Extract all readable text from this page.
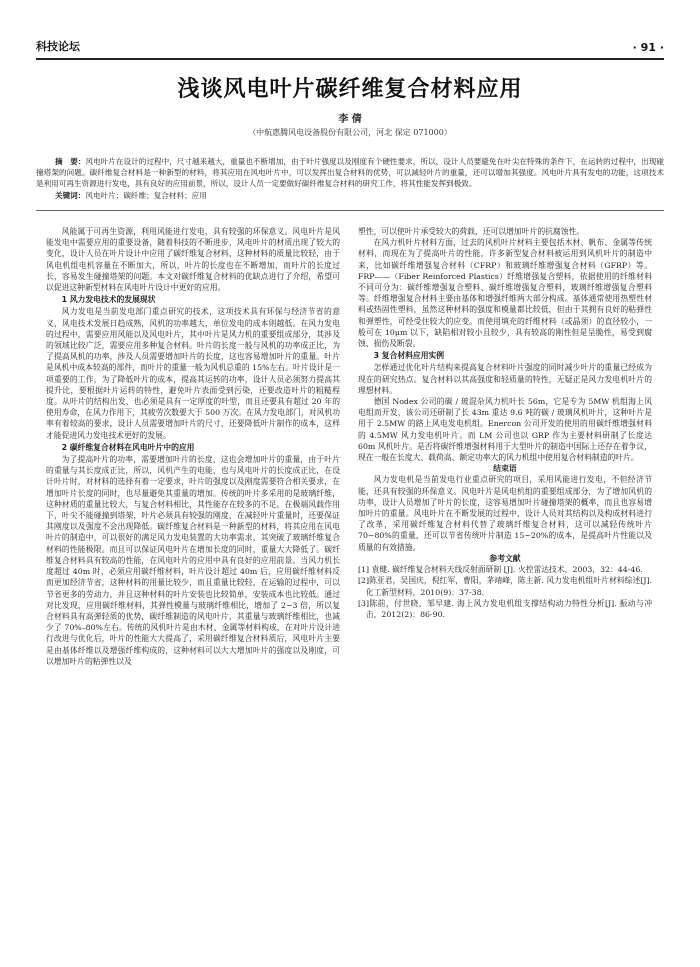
科技论坛	· 91 ·
浅谈风电叶片碳纤维复合材料应用
李 倩
（中航惠腾风电设备股份有限公司，河北 保定 071000）

摘　要：风电叶片在设计的过程中，尺寸越来越大，重量也不断增加，由于叶片强度以及刚度有个硬性要求，所以，设计人员要避免在叶尖在特殊的条件下，在运转的过程中，出现碰撞塔架的问题。碳纤维复合材料是一种新型的材料，将其应用在风电叶片中，可以发挥出复合材料的优势，可以减轻叶片的重量，还可以增加其强度。风电叶片具有发电的功能，这项技术是利用可再生资源进行发电，具有良好的应用前景，所以，设计人员一定要做好碳纤维复合材料的研究工作，将其性能发挥到极致。

关键词：风电叶片；碳纤维；复合材料；应用

风能属于可再生资源，利用风能进行发电，具有较强的环保意义。风电叶片是风能发电中需要应用的重要设备，随着科技的不断进步，风电叶片的材质出现了较大的变化，设计人员在叶片设计中应用了碳纤维复合材料，这种材料的质量比较轻，由于风电机组电机容量在不断加大，所以，叶片的长度也在不断增加，而叶片的长度过长，容易发生碰撞塔架的问题。本文对碳纤维复合材料的优缺点进行了介绍，希望可以促进这种新型材料在风电叶片设计中更好的应用。

1 风力发电技术的发展现状

风力发电是当前发电部门重点研究的技术，这项技术具有环保与经济节省的意义，风电技术发展日趋成熟，风机的功率越大，单位发电的成本则越低。在风力发电的过程中，需要应用风能以及风电叶片，其中叶片是风力机的重要组成部分，其涉及的领域比较广泛，需要应用多种复合材料。叶片的长度一般与风机的功率成正比，为了提高风机的功率，涉及人员需要增加叶片的长度，这也容易增加叶片的重量。叶片是风机中成本较高的部件，而叶片的重量一般为风机总重的 15%左右。叶片设计是一项重要的工作，为了降低叶片的成本，提高其运转的功率，设计人员必须努力提高其提升比，要根据叶片运转的特性，避免叶片表面受到污染，还要改造叶片的粗糙程度。从叶片的结构出发，也必须是具有一定厚度的叶型，而且还要具有超过 20 年的使用寿命，在风力作用下，其疲劳次数要大于 500 万次。在风力发电部门，对风机功率有着较高的要求，设计人员需要增加叶片的尺寸，还要降低叶片制作的成本，这样才能促进风力发电技术更好的发展。

2 碳纤维复合材料在风电叶片中的应用

为了提高叶片的功率，需要增加叶片的长度，这也会增加叶片的重量，由于叶片的重量与其长度成正比，所以，风机产生的电能，也与风电叶片的长度成正比，在设计叶片时，对材料的选择有着一定要求，叶片的强度以及刚度需要符合相关要求，在增加叶片长度的同时，也尽量避免其重量的增加。传统的叶片多采用的是玻璃纤维，这种材质的重量比较大，与复合材料相比，其性能存在较多的不足。在极端风载作用下，叶尖不能碰撞到塔架，叶片必须具有较强的刚度，在减轻叶片重量时，还要保证其刚度以及强度不会出现降低。碳纤维复合材料是一种新型的材料，将其应用在风电叶片的制造中，可以很好的满足风力发电装置的大功率需求，其突破了玻璃纤维复合材料的性能极限。而且可以保证风电叶片在增加长度的同时，重量大大降低了。碳纤维复合材料具有较高的性能，在风电叶片的应用中具有良好的应用前景。当风力机长度超过 40m 时，必须应用碳纤维材料，叶片设计超过 40m 后，应用碳纤维材料反而更加经济节省，这种材料的用量比较少，而且重量比较轻，在运输的过程中，可以节省更多的劳动力，并且这种材料的叶片安装也比较简单，安装成本也比较低。通过对比发现，应用碳纤维材料，其弹性模量与玻璃纤维相比，增加了 2~3 倍，所以复合材料具有高弹轻质的优势，碳纤维制造的风电叶片，其重量与玻璃纤维相比，也减少了 70%–80%左右。传统的风机叶片是由木材、金属等材料构成，在对叶片设计进行改进与优化后，叶片的性能大大提高了，采用碳纤维复合材料质后，风电叶片主要是由基体纤维以及增强纤维构成的，这种材料可以大大增加叶片的强度以及刚度，可以增加叶片的粘弹性以及

塑性，可以使叶片承受较大的荷载，还可以增加叶片的抗腐蚀性。

在风力机叶片材料方面，过去的风机叶片材料主要包括木材、帆布、金属等传统材料，而现在为了提高叶片的性能，许多新型复合材料被运用到风机叶片的制造中来，比如碳纤维增强复合材料（CFRP）和玻璃纤维增强复合材料（GFRP）等。FRP——（Fiber Reinforced Plastics）纤维增强复合塑料，依据使用的纤维材料不同可分为：碳纤维增强复合塑料、碳纤维增强复合塑料，玻璃纤维增强复合塑料等。纤维增强复合材料主要由基体和增强纤维两大部分构成。基体通常使用热塑性材料或热固性塑料，虽然这种材料的强度和模量都比较低，但由于其拥有良好的粘弹性和弹塑性，可经受住较大的应变。而使用填充的纤维材料（或晶须）的直径较小，一般可在 10μm 以下，缺陷相对较小且较少，具有较高的刚性但是呈脆性，易受到腐蚀、损伤及断裂。

3 复合材料应用实例

怎样通过优化叶片结构来提高复合材料叶片强度的同时减少叶片的重量已经成为现在的研究热点。复合材料以其高强度和轻质量的特性，无疑正是风力发电机叶片的理想材料。

德国 Nodex 公司的碳 / 玻混杂风力机叶长 56m，它是专为 5MW 机组海上风电组而开发，该公司还研制了长 43m 重达 9.6 吨的碳 / 玻璃风机叶片，这种叶片是用于 2.5MW 的路上风电发电机组。Enercon 公司开发的使用的用碳纤维增强材料的 4.5MW 风力发电机叶片。而 LM 公司也以 GRP 作为主要材料研制了长度达 60m 风机叶片。是否将碳纤维增强材料用于大型叶片的制造中国际上还存在着争议，现在一般在长度大、载荷高、额定功率大的风力机组中使用复合材料制造的叶片。

结束语

风力发电机是当前发电行业重点研究的项目，采用风能进行发电，不但经济节能，还具有较强的环保意义。风电叶片是风电机组的重要组成部分，为了增加风机的功率，设计人员增加了叶片的长度，这容易增加叶片碰撞塔架的概率，而且也容易增加叶片的重量。风电叶片在不断发展的过程中，设计人员对其结构以及构成材料进行了改革，采用碳纤维复合材料代替了玻璃纤维复合材料，这可以减轻传统叶片 70~80%的重量，还可以节省传统叶片制造 15~20%的成本，是提高叶片性能以及质量的有效措施。

参考文献

[1] 袁健. 碳纤维复合材料天线反射面研制 [J]. 火控雷达技术，2003，32：44-46.

[2]陈亚君，吴国庆，倪红军，曹阳，茅靖峰，陈主新. 风力发电机组叶片材料综述[J]. 化工新型材料，2010(9)：37-38.

[3]陈前，付世晓，邹早建. 海上风力发电机组支撑结构动力特性分析[J]. 振动与冲击，2012(2)：86-90.
